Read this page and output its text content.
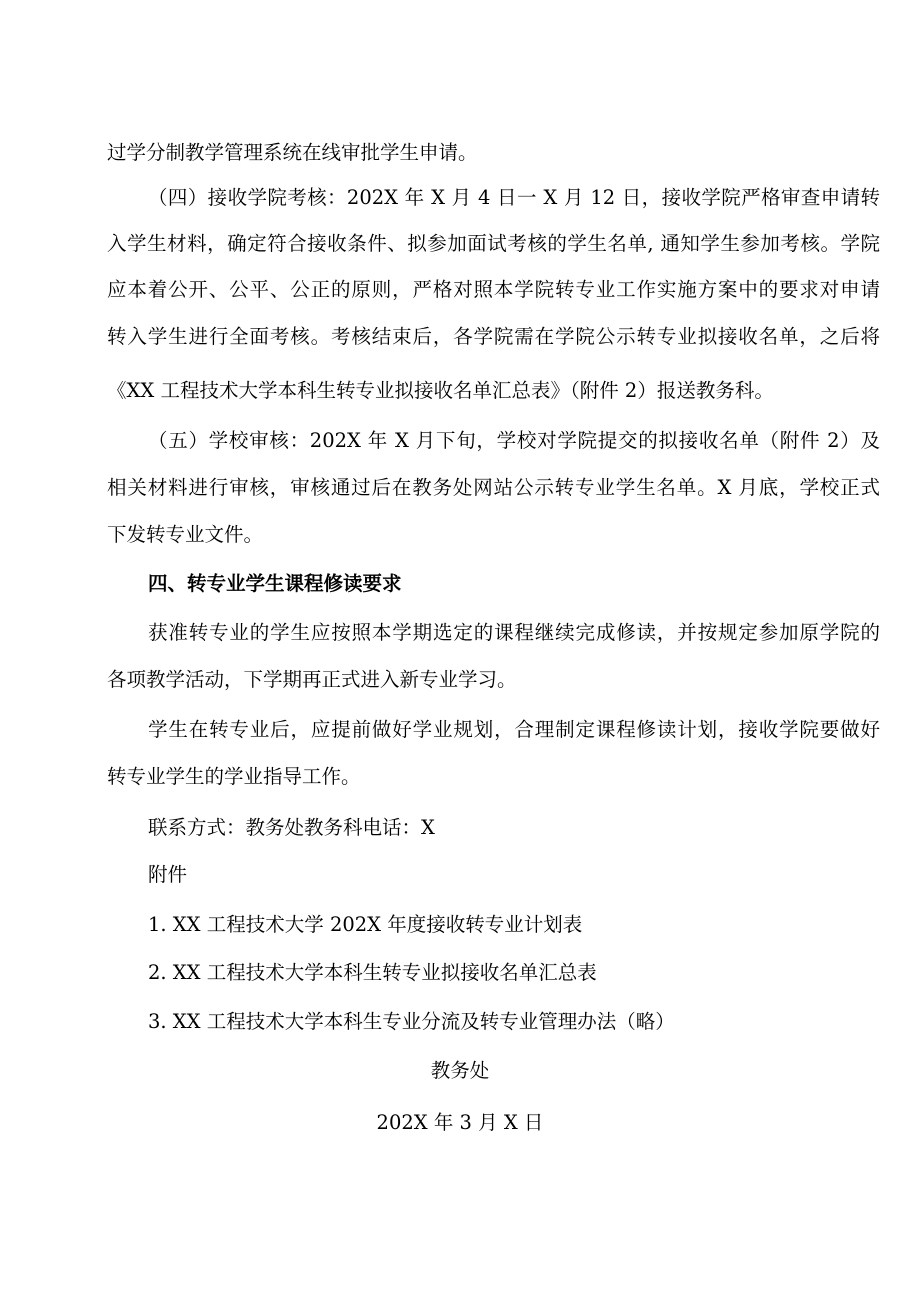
过学分制教学管理系统在线审批学生申请。

（四）接收学院考核：202X 年 X 月 4 日一 X 月 12 日，接收学院严格审查申请转

入学生材料，确定符合接收条件、拟参加面试考核的学生名单, 通知学生参加考核。学院

应本着公开、公平、公正的原则，严格对照本学院转专业工作实施方案中的要求对申请

转入学生进行全面考核。考核结束后，各学院需在学院公示转专业拟接收名单，之后将

《XX 工程技术大学本科生转专业拟接收名单汇总表》（附件 2）报送教务科。

（五）学校审核：202X 年 X 月下旬，学校对学院提交的拟接收名单（附件 2）及

相关材料进行审核，审核通过后在教务处网站公示转专业学生名单。X 月底，学校正式

下发转专业文件。

四、转专业学生课程修读要求

获准转专业的学生应按照本学期选定的课程继续完成修读，并按规定参加原学院的

各项教学活动，下学期再正式进入新专业学习。

学生在转专业后，应提前做好学业规划，合理制定课程修读计划，接收学院要做好

转专业学生的学业指导工作。

联系方式：教务处教务科电话：X

附件

1. XX 工程技术大学 202X 年度接收转专业计划表

2. XX 工程技术大学本科生转专业拟接收名单汇总表

3. XX 工程技术大学本科生专业分流及转专业管理办法（略）

教务处

202X 年 3 月 X 日
